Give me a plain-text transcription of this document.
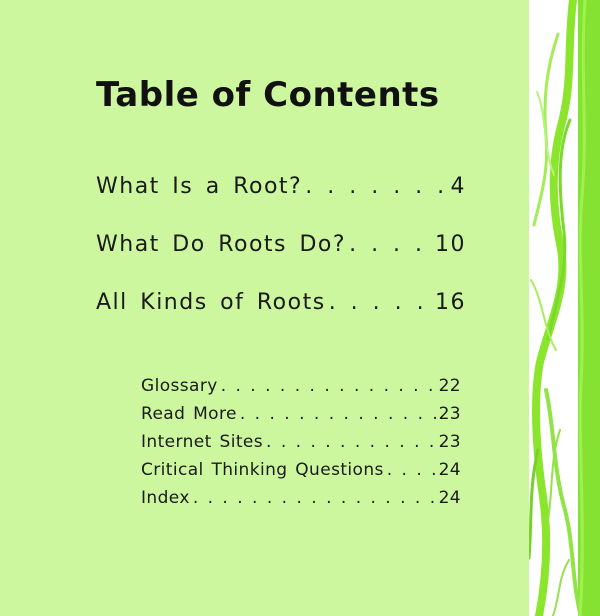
Table of Contents
What Is a Root? . . .	4
What Do Roots Do? . . .	10
All Kinds of Roots . . .	16
Glossary . . .	22
Read More . . .	23
Internet Sites . . .	23
Critical Thinking Questions . . .	24
Index . . .	24
